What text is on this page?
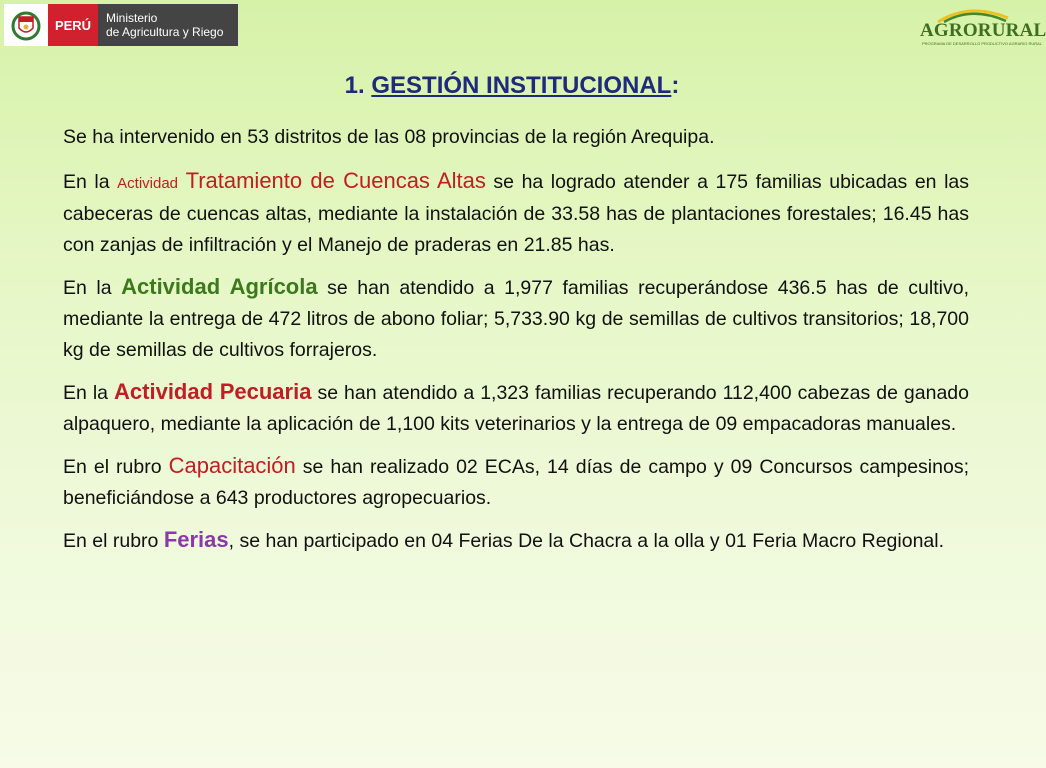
PERÚ	Ministerio
de Agricultura y Riego	AGRORURAL
PROGRAMA DE DESARROLLO PRODUCTIVO AGRARIO RURAL
1. GESTIÓN INSTITUCIONAL:

Se ha intervenido en 53 distritos de las 08 provincias de la región Arequipa.

En la Actividad Tratamiento de Cuencas Altas se ha logrado atender a 175 familias ubicadas en las cabeceras de cuencas altas, mediante la instalación de 33.58 has de plantaciones forestales; 16.45 has con zanjas de infiltración y el Manejo de praderas en 21.85 has.

En la Actividad Agrícola se han atendido a 1,977 familias recuperándose 436.5 has de cultivo, mediante la entrega de 472 litros de abono foliar; 5,733.90 kg de semillas de cultivos transitorios; 18,700 kg de semillas de cultivos forrajeros.

En la Actividad Pecuaria se han atendido a 1,323 familias recuperando 112,400 cabezas de ganado alpaquero, mediante la aplicación de 1,100 kits veterinarios y la entrega de 09 empacadoras manuales.

En el rubro Capacitación se han realizado 02 ECAs, 14 días de campo y 09 Concursos campesinos; beneficiándose a 643 productores agropecuarios.

En el rubro Ferias, se han participado en 04 Ferias De la Chacra a la olla y 01 Feria Macro Regional.
